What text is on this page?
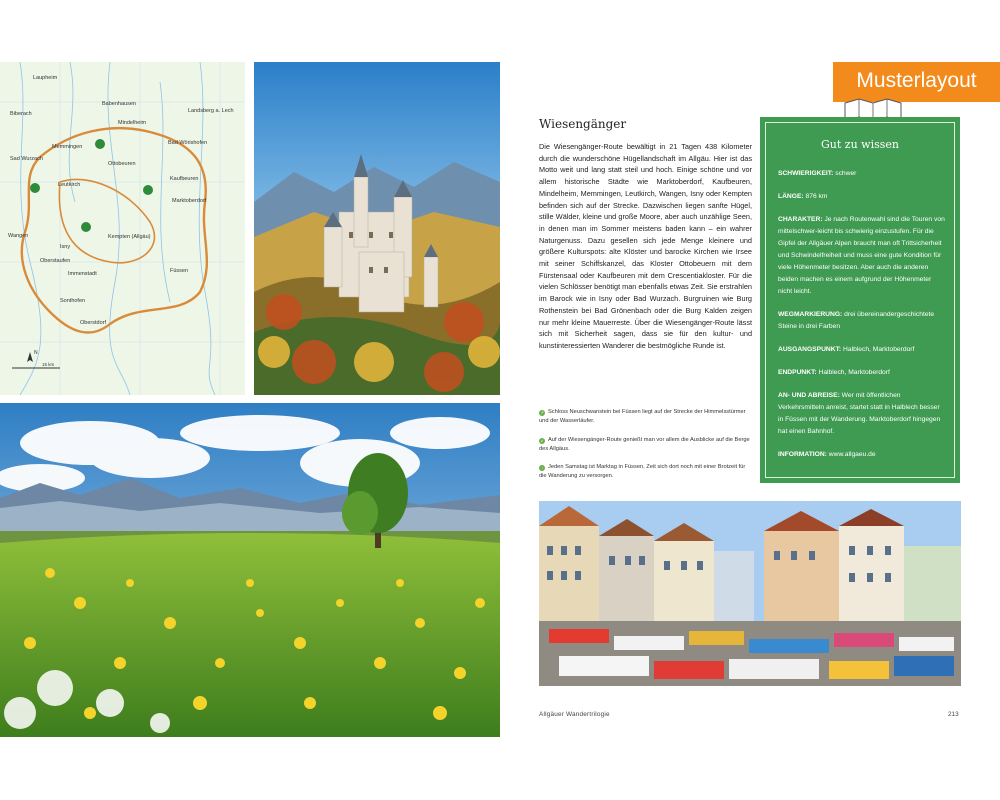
Laupheim
Babenhausen
Landsberg a. Lech
Biberach
Mindelheim
Bad Wörishofen
Memmingen
Ottobeuren
Sad Wurzach
Kaufbeuren
Leutkirch
Marktoberdorf
Kempten (Allgäu)
Isny
Wangen
Immenstadt	Füssen
Oberstaufen
Sonthofen
Oberstdorf
N
15 km
Musterlayout
Wiesengänger
Die Wiesengänger-Route bewältigt in 21 Tagen 438 Kilometer durch die wunderschöne Hügellandschaft im Allgäu. Hier ist das Motto weit und lang statt steil und hoch. Einige schöne und vor allem historische Städte wie Marktoberdorf, Kaufbeuren, Mindelheim, Memmingen, Leutkirch, Wangen, Isny oder Kempten befinden sich auf der Strecke. Dazwischen liegen sanfte Hügel, stille Wälder, kleine und große Moore, aber auch unzählige Seen, in denen man im Sommer meistens baden kann – ein wahrer Naturgenuss. Dazu gesellen sich jede Menge kleinere und größere Kulturspots: alte Klöster und barocke Kirchen wie Irsee mit seiner Schiffskanzel, das Kloster Ottobeuern mit dem Fürstensaal oder Kaufbeuren mit dem Crescentiakloster. Für die vielen Schlösser benötigt man ebenfalls etwas Zeit. Sie erstrahlen im Barock wie in Isny oder Bad Wurzach. Burgruinen wie Burg Rothenstein bei Bad Grönenbach oder die Burg Kalden zeigen nur mehr kleine Mauerreste. Über die Wiesengänger-Route lässt sich mit Sicherheit sagen, dass sie für den kultur- und kunstinteressierten Wanderer die bestmögliche Runde ist.
↗ Schloss Neuschwanstein bei Füssen liegt auf der Strecke der Himmelsstürmer und der Wasserläufer.
↙ Auf der Wiesengänger-Route genießt man vor allem die Ausblicke auf die Berge des Allgäus.
↓ Jeden Samstag ist Marktag in Füssen, Zeit sich dort noch mit einer Brotzeit für die Wanderung zu versorgen.
Gut zu wissen
SCHWIERIGKEIT: schwer
LÄNGE: 876 km
CHARAKTER: Je nach Routenwahl sind die Touren von mittelschwer-leicht bis schwierig einzustufen. Für die Gipfel der Allgäuer Alpen braucht man oft Trittsicherheit und Schwindelfreiheit und muss eine gute Kondition für viele Höhenmeter besitzen. Aber auch die anderen beiden machen es einem aufgrund der Höhenmeter nicht leicht.
WEGMARKIERUNG: drei übereinandergeschichtete Steine in drei Farben
AUSGANGSPUNKT: Halblech, Marktoberdorf
ENDPUNKT: Halblech, Marktoberdorf
AN- UND ABREISE: Wer mit öffentlichen Verkehrsmitteln anreist, startet statt in Halblech besser in Füssen mit der Wanderung. Marktoberdorf hingegen hat einen Bahnhof.
INFORMATION: www.allgaeu.de
Allgäuer Wandertrilogie	213
